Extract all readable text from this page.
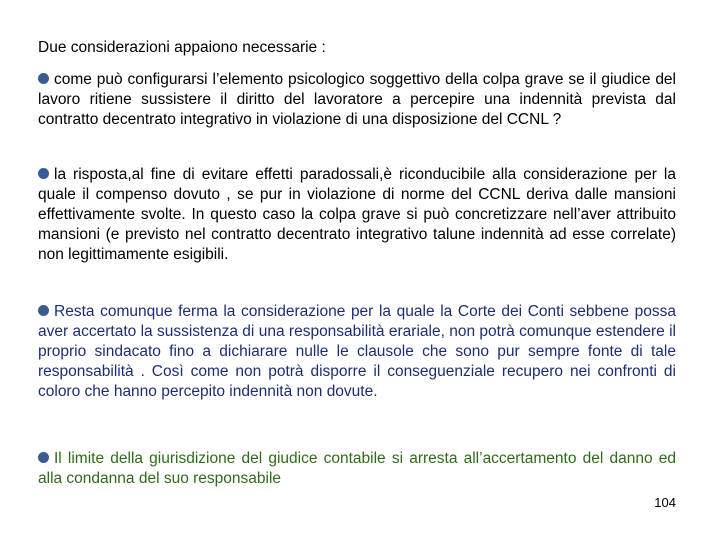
Due considerazioni appaiono necessarie :
come può configurarsi l’elemento psicologico soggettivo della colpa grave se il giudice del lavoro ritiene sussistere il diritto del lavoratore a percepire una indennità prevista dal contratto decentrato integrativo in violazione di una disposizione del CCNL ?
la risposta,al fine di evitare effetti paradossali,è riconducibile alla considerazione per la quale il compenso dovuto , se pur in violazione di norme del CCNL deriva dalle mansioni effettivamente svolte. In questo caso la colpa grave si può concretizzare nell’aver attribuito mansioni (e previsto nel contratto decentrato integrativo talune indennità ad esse correlate) non legittimamente esigibili.
Resta comunque ferma la considerazione per la quale la Corte dei Conti sebbene possa aver accertato la sussistenza di una responsabilità erariale, non potrà comunque estendere il proprio sindacato fino a dichiarare nulle le clausole che sono pur sempre fonte di tale responsabilità . Così come non potrà disporre il conseguenziale recupero nei confronti di coloro che hanno percepito indennità non dovute.
Il limite della giurisdizione del giudice contabile si arresta all’accertamento del danno ed alla condanna del suo responsabile
104
